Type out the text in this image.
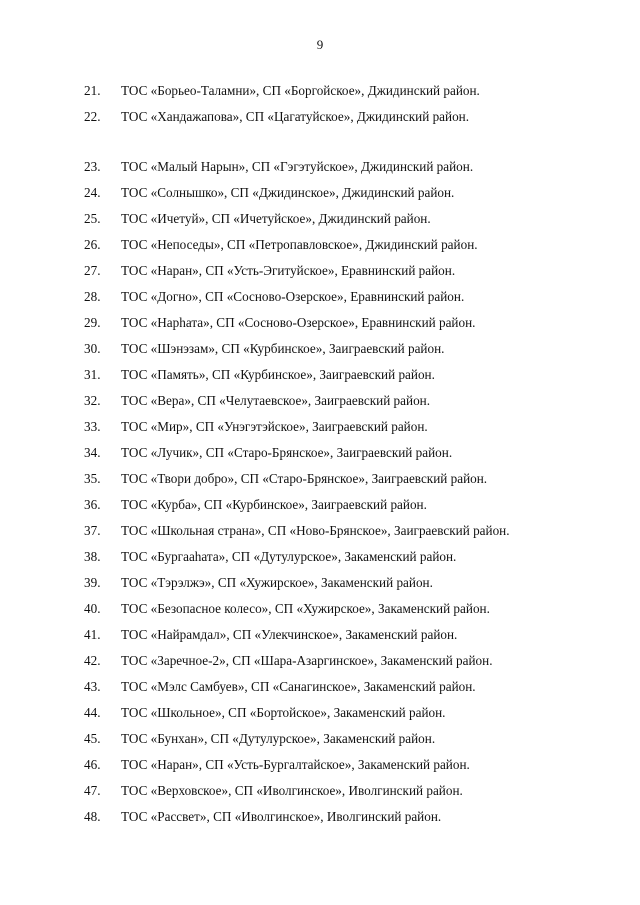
9
21.	ТОС «Борьео-Таламни», СП «Боргойское», Джидинский район.
22.	ТОС «Хандажапова», СП «Цагатуйское», Джидинский район.
23.	ТОС «Малый Нарын», СП «Гэгэтуйское», Джидинский район.
24.	ТОС «Солнышко», СП «Джидинское», Джидинский район.
25.	ТОС «Ичетуй», СП «Ичетуйское», Джидинский район.
26.	ТОС «Непоседы», СП «Петропавловское», Джидинский район.
27.	ТОС «Наран», СП «Усть-Эгитуйское», Еравнинский район.
28.	ТОС «Догно», СП «Сосново-Озерское», Еравнинский район.
29.	ТОС «Нарhата», СП «Сосново-Озерское», Еравнинский район.
30.	ТОС «Шэнэзам», СП «Курбинское», Заиграевский район.
31.	ТОС «Память», СП «Курбинское», Заиграевский район.
32.	ТОС «Вера», СП «Челутаевское», Заиграевский район.
33.	ТОС «Мир», СП «Унэгэтэйское», Заиграевский район.
34.	ТОС «Лучик», СП «Старо-Брянское», Заиграевский район.
35.	ТОС «Твори добро», СП «Старо-Брянское», Заиграевский район.
36.	ТОС «Курба», СП «Курбинское», Заиграевский район.
37.	ТОС «Школьная страна», СП «Ново-Брянское», Заиграевский район.
38.	ТОС «Бургааhата», СП «Дутулурское», Закаменский район.
39.	ТОС «Тэрэлжэ», СП «Хужирское», Закаменский район.
40.	ТОС «Безопасное колесо», СП «Хужирское», Закаменский район.
41.	ТОС «Найрамдал», СП «Улекчинское», Закаменский район.
42.	ТОС «Заречное-2», СП «Шара-Азаргинское», Закаменский район.
43.	ТОС «Мэлс Самбуев», СП «Санагинское», Закаменский район.
44.	ТОС «Школьное», СП «Бортойское», Закаменский район.
45.	ТОС «Бунхан», СП «Дутулурское», Закаменский район.
46.	ТОС «Наран», СП «Усть-Бургалтайское», Закаменский район.
47.	ТОС «Верховское», СП «Иволгинское», Иволгинский район.
48.	ТОС «Рассвет», СП «Иволгинское», Иволгинский район.
